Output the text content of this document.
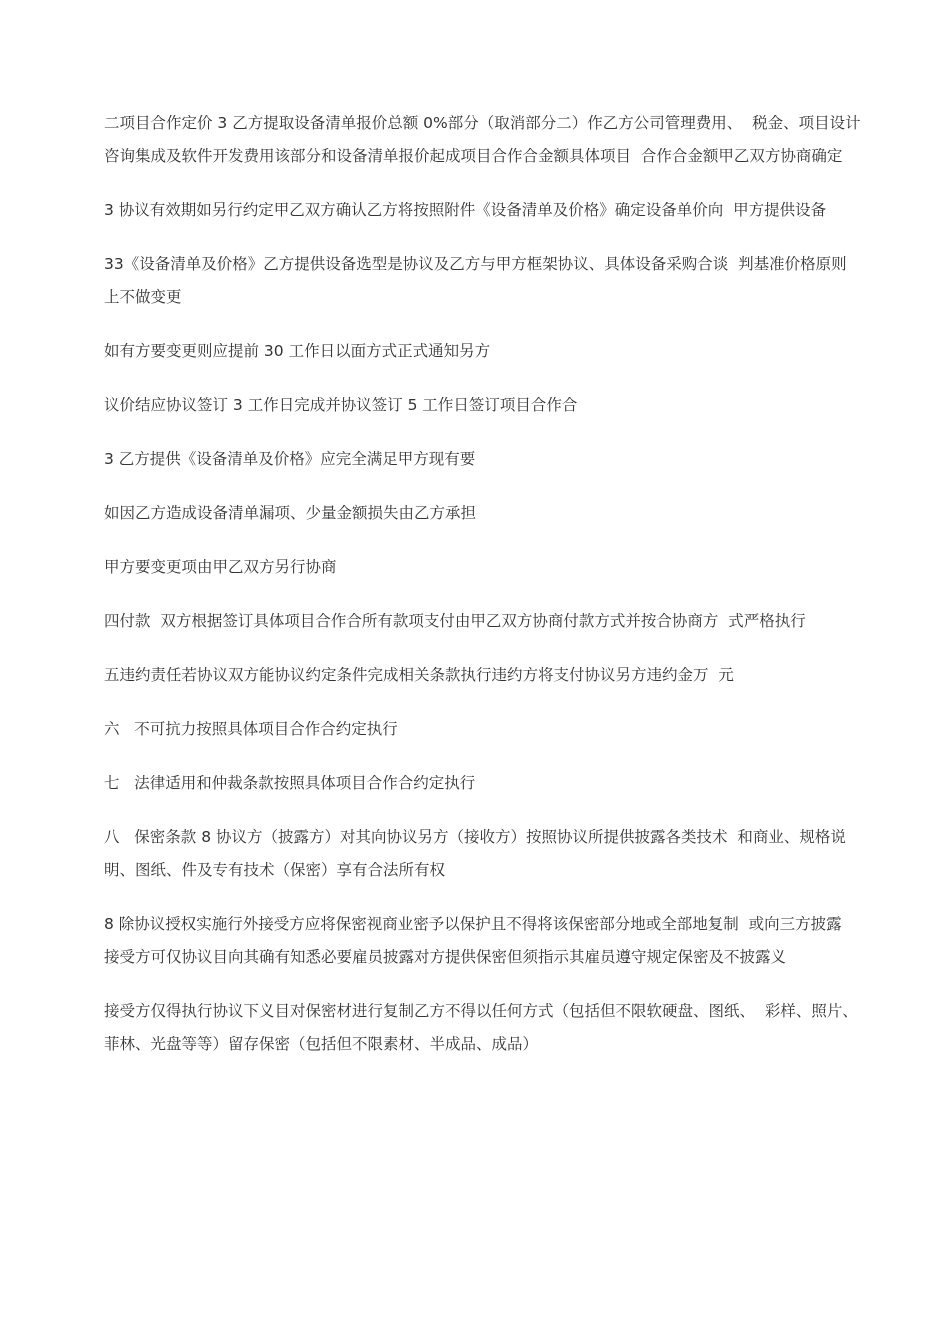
二项目合作定价 3 乙方提取设备清单报价总额 0%部分（取消部分二）作乙方公司管理费用、  税金、项目设计咨询集成及软件开发费用该部分和设备清单报价起成项目合作合金额具体项目  合作合金额甲乙双方协商确定

3 协议有效期如另行约定甲乙双方确认乙方将按照附件《设备清单及价格》确定设备单价向  甲方提供设备

33《设备清单及价格》乙方提供设备选型是协议及乙方与甲方框架协议、具体设备采购合谈  判基准价格原则上不做变更

如有方要变更则应提前 30 工作日以面方式正式通知另方

议价结应协议签订 3 工作日完成并协议签订 5 工作日签订项目合作合

3 乙方提供《设备清单及价格》应完全满足甲方现有要

如因乙方造成设备清单漏项、少量金额损失由乙方承担

甲方要变更项由甲乙双方另行协商

四付款  双方根据签订具体项目合作合所有款项支付由甲乙双方协商付款方式并按合协商方  式严格执行

五违约责任若协议双方能协议约定条件完成相关条款执行违约方将支付协议另方违约金万  元

六   不可抗力按照具体项目合作合约定执行

七   法律适用和仲裁条款按照具体项目合作合约定执行

八   保密条款 8 协议方（披露方）对其向协议另方（接收方）按照协议所提供披露各类技术  和商业、规格说明、图纸、件及专有技术（保密）享有合法所有权

8 除协议授权实施行外接受方应将保密视商业密予以保护且不得将该保密部分地或全部地复制  或向三方披露  接受方可仅协议目向其确有知悉必要雇员披露对方提供保密但须指示其雇员遵守规定保密及不披露义

接受方仅得执行协议下义目对保密材进行复制乙方不得以任何方式（包括但不限软硬盘、图纸、  彩样、照片、菲林、光盘等等）留存保密（包括但不限素材、半成品、成品）
